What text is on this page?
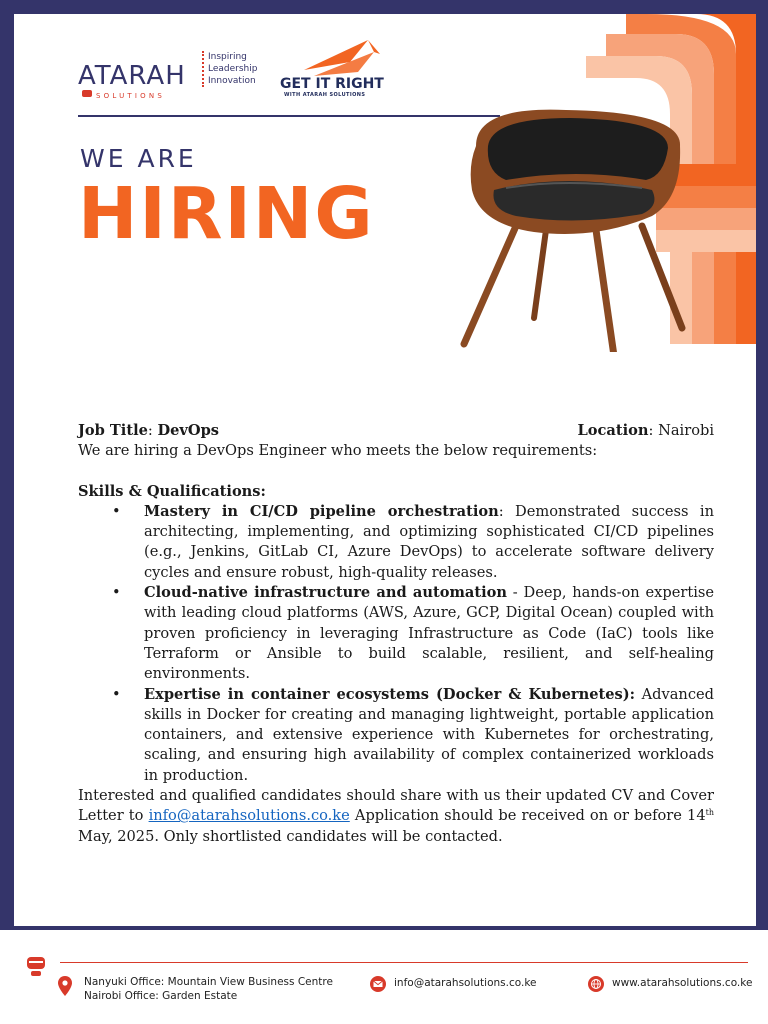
ATARAH
SOLUTIONS
Inspiring
Leadership
Innovation GET IT RIGHT
WITH ATARAH SOLUTIONS
WE ARE
HIRING
Job Title: DevOps	Location: Nairobi
We are hiring a DevOps Engineer who meets the below requirements:
Skills & Qualifications:
• Mastery in CI/CD pipeline orchestration: Demonstrated success in architecting, implementing, and optimizing sophisticated CI/CD pipelines (e.g., Jenkins, GitLab CI, Azure DevOps) to accelerate software delivery cycles and ensure robust, high-quality releases.
• Cloud-native infrastructure and automation - Deep, hands-on expertise with leading cloud platforms (AWS, Azure, GCP, Digital Ocean) coupled with proven proficiency in leveraging Infrastructure as Code (IaC) tools like Terraform or Ansible to build scalable, resilient, and self-healing environments.
• Expertise in container ecosystems (Docker & Kubernetes): Advanced skills in Docker for creating and managing lightweight, portable application containers, and extensive experience with Kubernetes for orchestrating, scaling, and ensuring high availability of complex containerized workloads in production.
Interested and qualified candidates should share with us their updated CV and Cover Letter to info@atarahsolutions.co.ke Application should be received on or before 14th May, 2025. Only shortlisted candidates will be contacted.
Nanyuki Office: Mountain View Business Centre
Nairobi Office: Garden Estate
info@atarahsolutions.co.ke	www.atarahsolutions.co.ke
